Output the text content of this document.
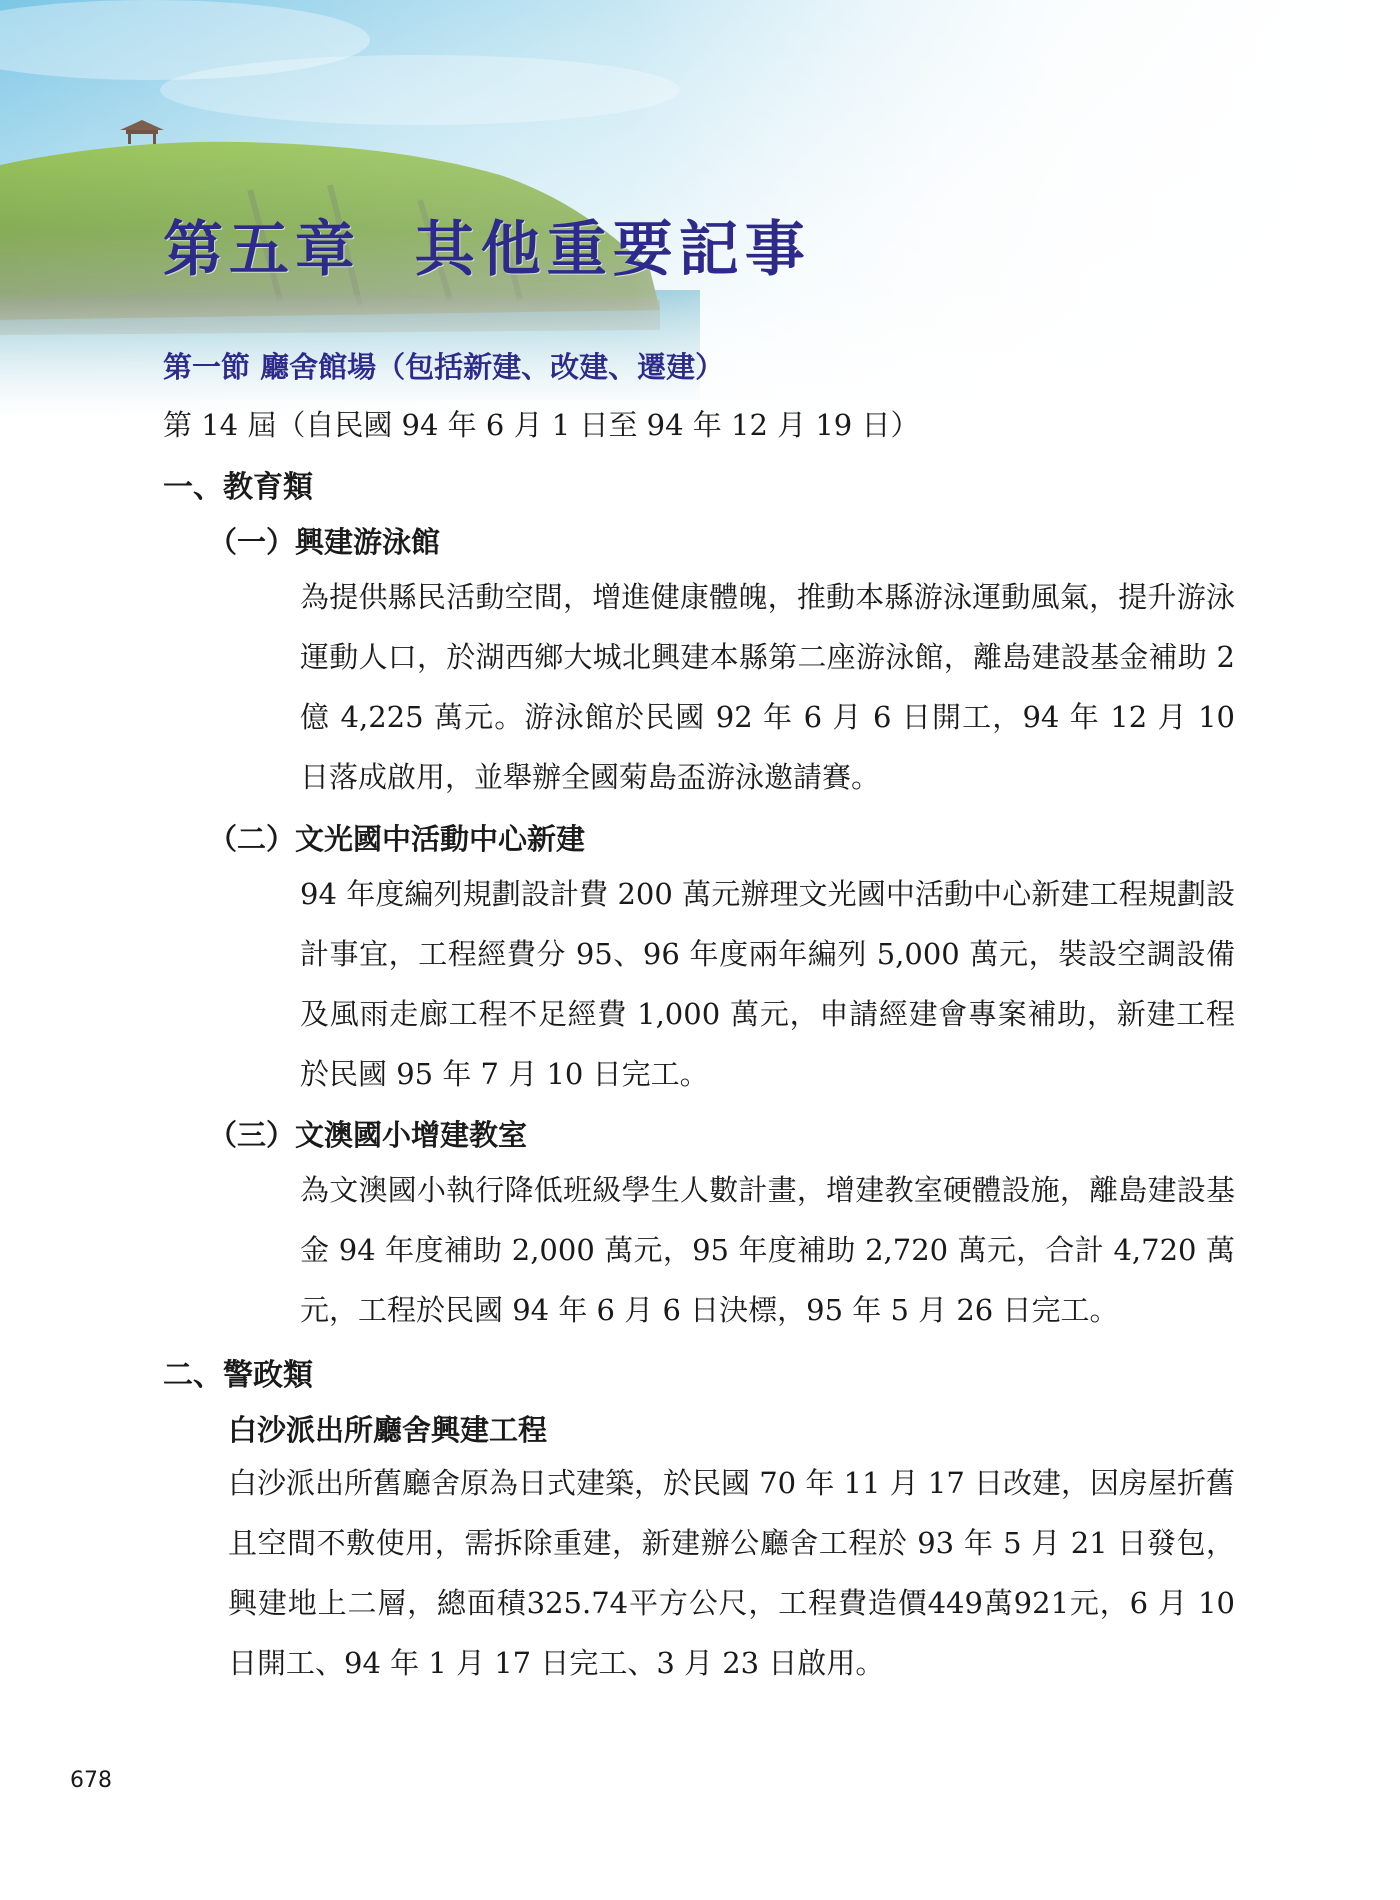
第五章  其他重要記事
第一節 廳舍館場（包括新建、改建、遷建）

第 14 屆（自民國 94 年 6 月 1 日至 94 年 12 月 19 日）

一、教育類
（一）興建游泳館

為提供縣民活動空間，增進健康體魄，推動本縣游泳運動風氣，提升游泳運動人口，於湖西鄉大城北興建本縣第二座游泳館，離島建設基金補助 2 億 4,225 萬元。游泳館於民國 92 年 6 月 6 日開工，94 年 12 月 10 日落成啟用，並舉辦全國菊島盃游泳邀請賽。

（二）文光國中活動中心新建

94 年度編列規劃設計費 200 萬元辦理文光國中活動中心新建工程規劃設計事宜，工程經費分 95、96 年度兩年編列 5,000 萬元，裝設空調設備及風雨走廊工程不足經費 1,000 萬元，申請經建會專案補助，新建工程於民國 95 年 7 月 10 日完工。

（三）文澳國小增建教室

為文澳國小執行降低班級學生人數計畫，增建教室硬體設施，離島建設基金 94 年度補助 2,000 萬元，95 年度補助 2,720 萬元，合計 4,720 萬元，工程於民國 94 年 6 月 6 日決標，95 年 5 月 26 日完工。

二、警政類
白沙派出所廳舍興建工程

白沙派出所舊廳舍原為日式建築，於民國 70 年 11 月 17 日改建，因房屋折舊且空間不敷使用，需拆除重建，新建辦公廳舍工程於 93 年 5 月 21 日發包，興建地上二層，總面積325.74平方公尺，工程費造價449萬921元，6 月 10 日開工、94 年 1 月 17 日完工、3 月 23 日啟用。

678
